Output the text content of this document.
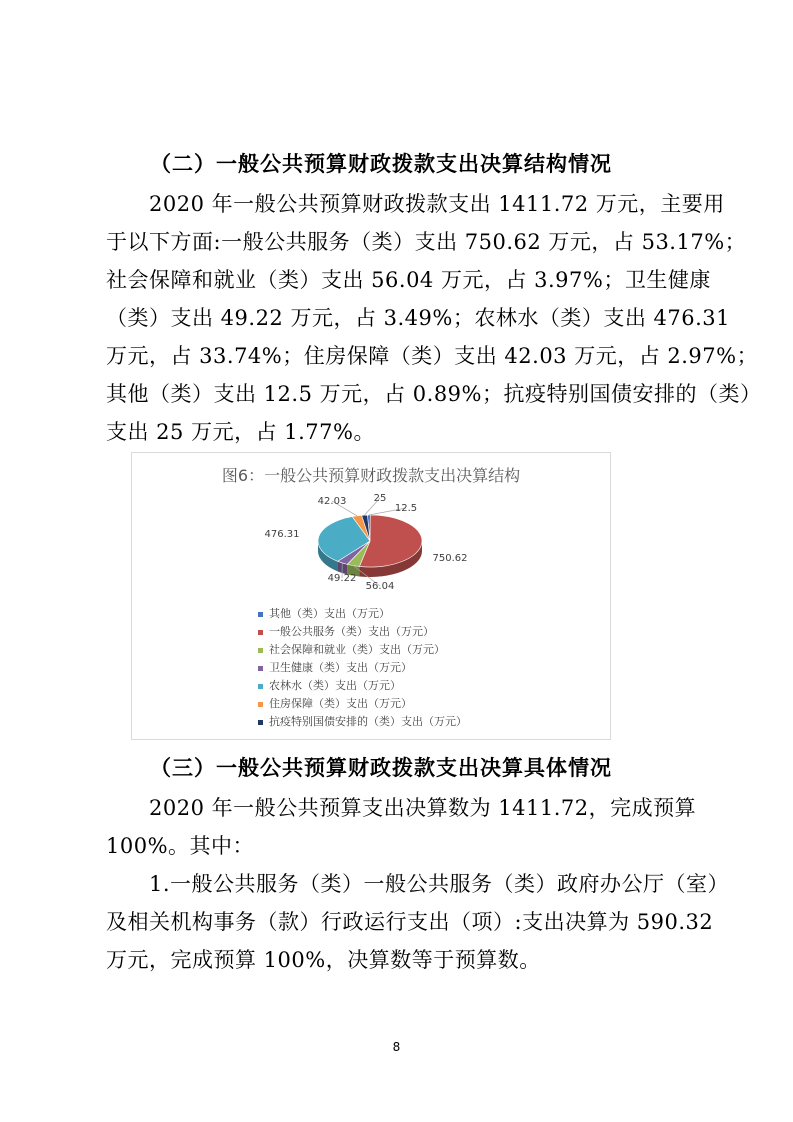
（二）一般公共预算财政拨款支出决算结构情况
2020 年一般公共预算财政拨款支出 1411.72 万元，主要用
于以下方面:一般公共服务（类）支出 750.62 万元，占 53.17%；
社会保障和就业（类）支出 56.04 万元，占 3.97%；卫生健康
（类）支出 49.22 万元，占 3.49%；农林水（类）支出 476.31
万元，占 33.74%；住房保障（类）支出 42.03 万元，占 2.97%；
其他（类）支出 12.5 万元，占 0.89%；抗疫特别国债安排的（类）
支出 25 万元，占 1.77%。
图6：一般公共预算财政拨款支出决算结构
12.5
750.62
56.04
49.22
476.31
42.03	25
其他（类）支出（万元）
一般公共服务（类）支出（万元）
社会保障和就业（类）支出（万元）
卫生健康（类）支出（万元）
农林水（类）支出（万元）
住房保障（类）支出（万元）
抗疫特别国债安排的（类）支出（万元）
（三）一般公共预算财政拨款支出决算具体情况
2020 年一般公共预算支出决算数为 1411.72，完成预算
100%。其中：
1.一般公共服务（类）一般公共服务（类）政府办公厅（室）
及相关机构事务（款）行政运行支出（项）:支出决算为 590.32
万元，完成预算 100%，决算数等于预算数。
8
